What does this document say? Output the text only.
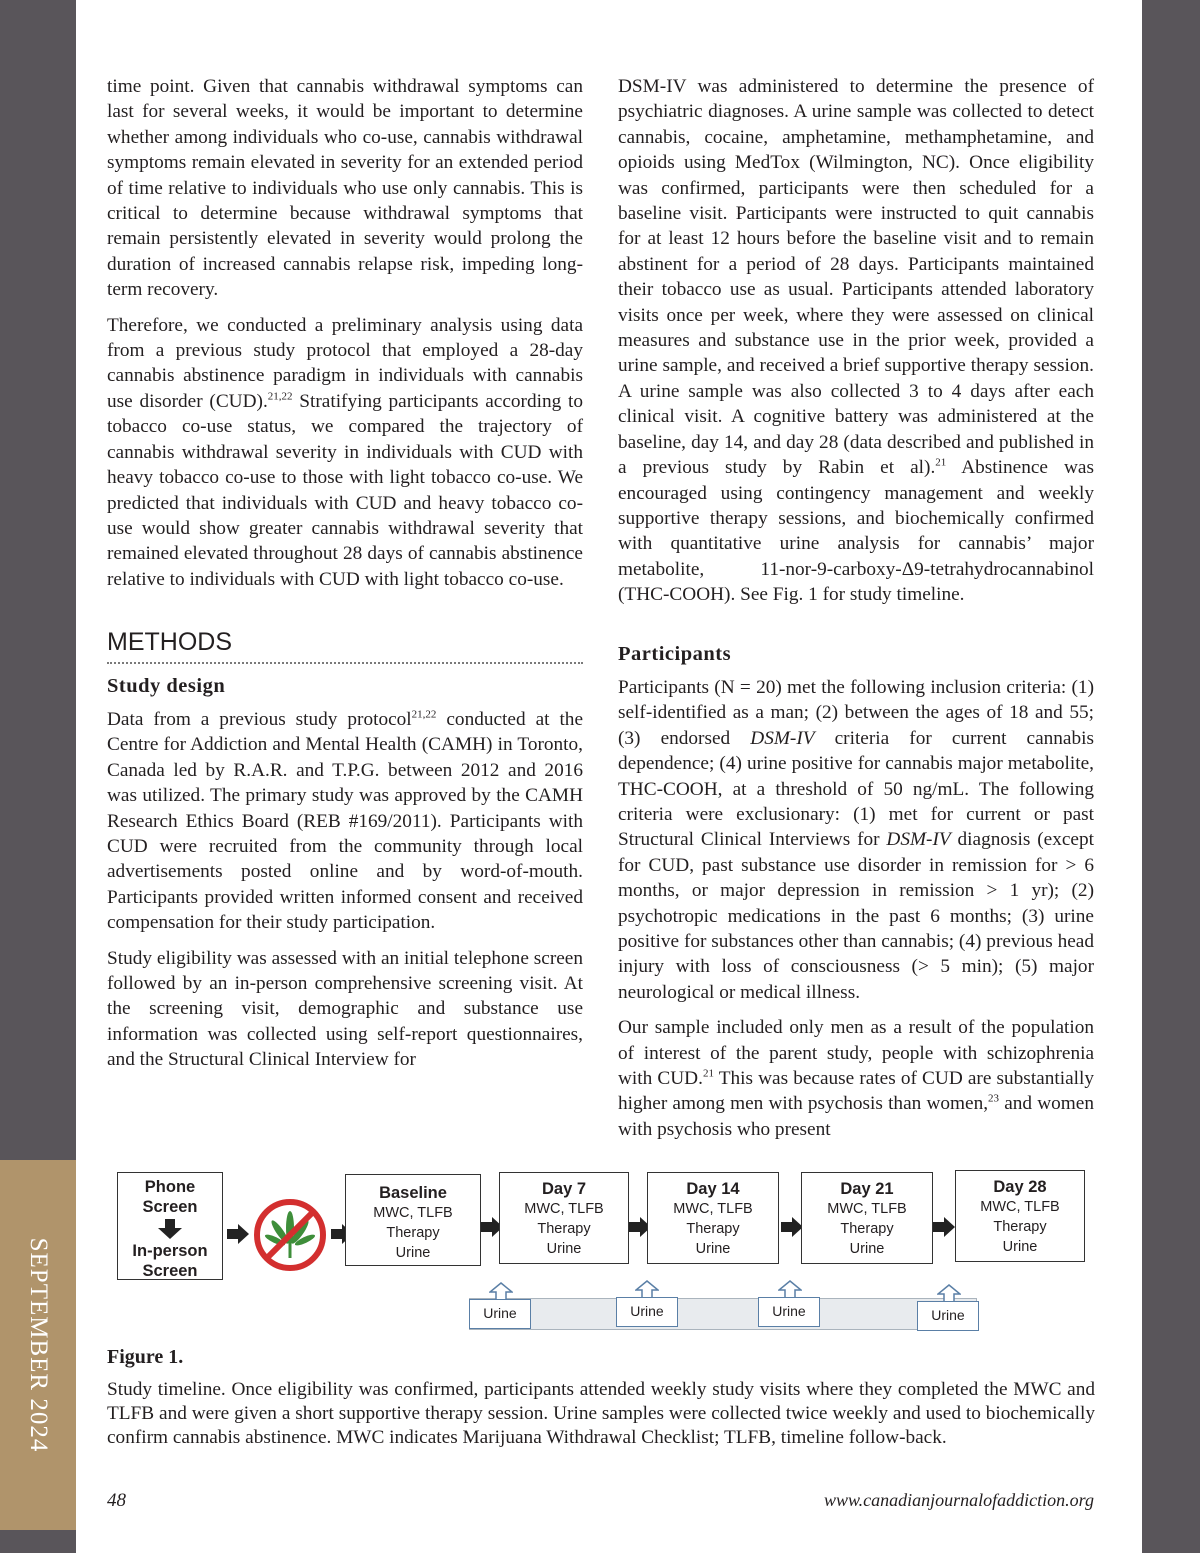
SEPTEMBER 2024

time point. Given that cannabis withdrawal symptoms can last for several weeks, it would be important to determine whether among individuals who co-use, cannabis withdrawal symptoms remain elevated in severity for an extended period of time relative to individuals who use only cannabis. This is critical to determine because withdrawal symptoms that remain persistently elevated in severity would prolong the duration of increased cannabis relapse risk, impeding long-term recovery.

Therefore, we conducted a preliminary analysis using data from a previous study protocol that employed a 28-day cannabis abstinence paradigm in individuals with cannabis use disorder (CUD).$^{21,22}$ Stratifying participants according to tobacco co-use status, we compared the trajectory of cannabis withdrawal severity in individuals with CUD with heavy tobacco co-use to those with light tobacco co-use. We predicted that individuals with CUD and heavy tobacco co-use would show greater cannabis withdrawal severity that remained elevated throughout 28 days of cannabis abstinence relative to individuals with CUD with light tobacco co-use.

METHODS
Study design

Data from a previous study protocol$^{21,22}$ conducted at the Centre for Addiction and Mental Health (CAMH) in Toronto, Canada led by R.A.R. and T.P.G. between 2012 and 2016 was utilized. The primary study was approved by the CAMH Research Ethics Board (REB #169/2011). Participants with CUD were recruited from the community through local advertisements posted online and by word-of-mouth. Participants provided written informed consent and received compensation for their study participation.

Study eligibility was assessed with an initial telephone screen followed by an in-person comprehensive screening visit. At the screening visit, demographic and substance use information was collected using self-report questionnaires, and the Structural Clinical Interview for

DSM-IV was administered to determine the presence of psychiatric diagnoses. A urine sample was collected to detect cannabis, cocaine, amphetamine, methamphetamine, and opioids using MedTox (Wilmington, NC). Once eligibility was confirmed, participants were then scheduled for a baseline visit. Participants were instructed to quit cannabis for at least 12 hours before the baseline visit and to remain abstinent for a period of 28 days. Participants maintained their tobacco use as usual. Participants attended laboratory visits once per week, where they were assessed on clinical measures and substance use in the prior week, provided a urine sample, and received a brief supportive therapy session. A urine sample was also collected 3 to 4 days after each clinical visit. A cognitive battery was administered at the baseline, day 14, and day 28 (data described and published in a previous study by Rabin et al).$^{21}$ Abstinence was encouraged using contingency management and weekly supportive therapy sessions, and biochemically confirmed with quantitative urine analysis for cannabis’ major metabolite, 11-nor-9-carboxy-Δ9-tetrahydrocannabinol (THC-COOH). See Fig. 1 for study timeline.

Participants

Participants (N = 20) met the following inclusion criteria: (1) self-identified as a man; (2) between the ages of 18 and 55; (3) endorsed DSM-IV criteria for current cannabis dependence; (4) urine positive for cannabis major metabolite, THC-COOH, at a threshold of 50 ng/mL. The following criteria were exclusionary: (1) met for current or past Structural Clinical Interviews for DSM-IV diagnosis (except for CUD, past substance use disorder in remission for > 6 months, or major depression in remission > 1 yr); (2) psychotropic medications in the past 6 months; (3) urine positive for substances other than cannabis; (4) previous head injury with loss of consciousness (> 5 min); (5) major neurological or medical illness.

Our sample included only men as a result of the population of interest of the parent study, people with schizophrenia with CUD.$^{21}$ This was because rates of CUD are substantially higher among men with psychosis than women,$^{23}$ and women with psychosis who present

Phone Screen
In-person Screen
Baseline
MWC, TLFB
Therapy
Urine
Day 7
MWC, TLFB
Therapy
Urine
Day 14
MWC, TLFB
Therapy
Urine
Day 21
MWC, TLFB
Therapy
Urine
Day 28
MWC, TLFB
Therapy
Urine
Urine	Urine	Urine	Urine
Figure 1.
Study timeline. Once eligibility was confirmed, participants attended weekly study visits where they completed the MWC and TLFB and were given a short supportive therapy session. Urine samples were collected twice weekly and used to biochemically confirm cannabis abstinence. MWC indicates Marijuana Withdrawal Checklist; TLFB, timeline follow-back.
48	www.canadianjournalofaddiction.org
